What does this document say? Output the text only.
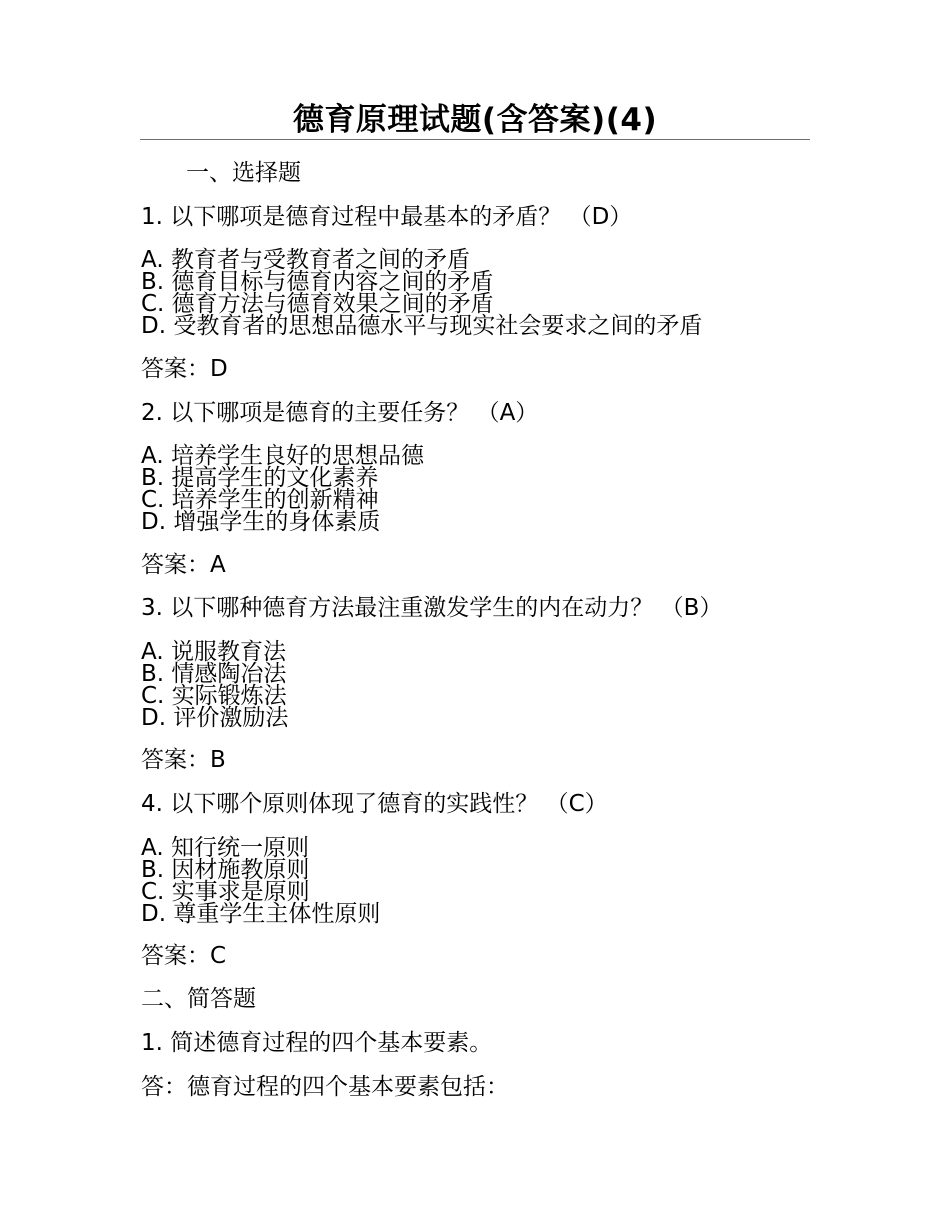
德育原理试题(含答案)(4)
一、选择题
1. 以下哪项是德育过程中最基本的矛盾？ （D）
A. 教育者与受教育者之间的矛盾
B. 德育目标与德育内容之间的矛盾
C. 德育方法与德育效果之间的矛盾
D. 受教育者的思想品德水平与现实社会要求之间的矛盾
答案：D
2. 以下哪项是德育的主要任务？ （A）
A. 培养学生良好的思想品德
B. 提高学生的文化素养
C. 培养学生的创新精神
D. 增强学生的身体素质
答案：A
3. 以下哪种德育方法最注重激发学生的内在动力？ （B）
A. 说服教育法
B. 情感陶冶法
C. 实际锻炼法
D. 评价激励法
答案：B
4. 以下哪个原则体现了德育的实践性？ （C）
A. 知行统一原则
B. 因材施教原则
C. 实事求是原则
D. 尊重学生主体性原则
答案：C
二、简答题
1. 简述德育过程的四个基本要素。
答：德育过程的四个基本要素包括：
